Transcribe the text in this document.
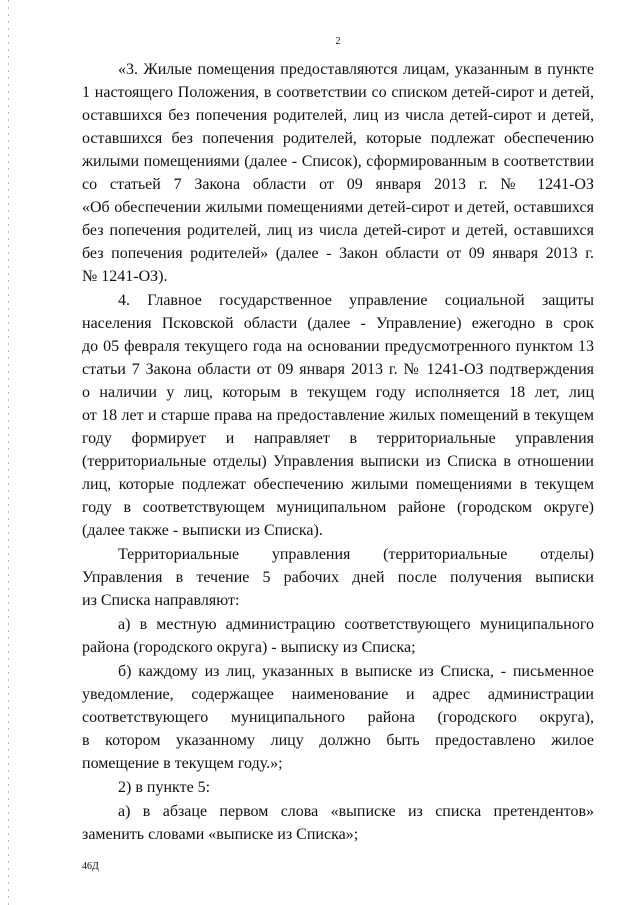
2
«3. Жилые помещения предоставляются лицам, указанным в пункте
1 настоящего Положения, в соответствии со списком детей-сирот и детей,
оставшихся без попечения родителей, лиц из числа детей-сирот и детей,
оставшихся без попечения родителей, которые подлежат обеспечению
жилыми помещениями (далее - Список), сформированным в соответствии
со статьей 7 Закона области от 09 января 2013 г. № 1241-ОЗ
«Об обеспечении жилыми помещениями детей-сирот и детей, оставшихся
без попечения родителей, лиц из числа детей-сирот и детей, оставшихся
без попечения родителей» (далее - Закон области от 09 января 2013 г.
№ 1241-ОЗ).
4. Главное государственное управление социальной защиты
населения Псковской области (далее - Управление) ежегодно в срок
до 05 февраля текущего года на основании предусмотренного пунктом 13
статьи 7 Закона области от 09 января 2013 г. № 1241-ОЗ подтверждения
о наличии у лиц, которым в текущем году исполняется 18 лет, лиц
от 18 лет и старше права на предоставление жилых помещений в текущем
году формирует и направляет в территориальные управления
(территориальные отделы) Управления выписки из Списка в отношении
лиц, которые подлежат обеспечению жилыми помещениями в текущем
году в соответствующем муниципальном районе (городском округе)
(далее также - выписки из Списка).
Территориальные управления (территориальные отделы)
Управления в течение 5 рабочих дней после получения выписки
из Списка направляют:
а) в местную администрацию соответствующего муниципального
района (городского округа) - выписку из Списка;
б) каждому из лиц, указанных в выписке из Списка, - письменное
уведомление, содержащее наименование и адрес администрации
соответствующего муниципального района (городского округа),
в котором указанному лицу должно быть предоставлено жилое
помещение в текущем году.»;
2) в пункте 5:
а) в абзаце первом слова «выписке из списка претендентов»
заменить словами «выписке из Списка»;
46Д
